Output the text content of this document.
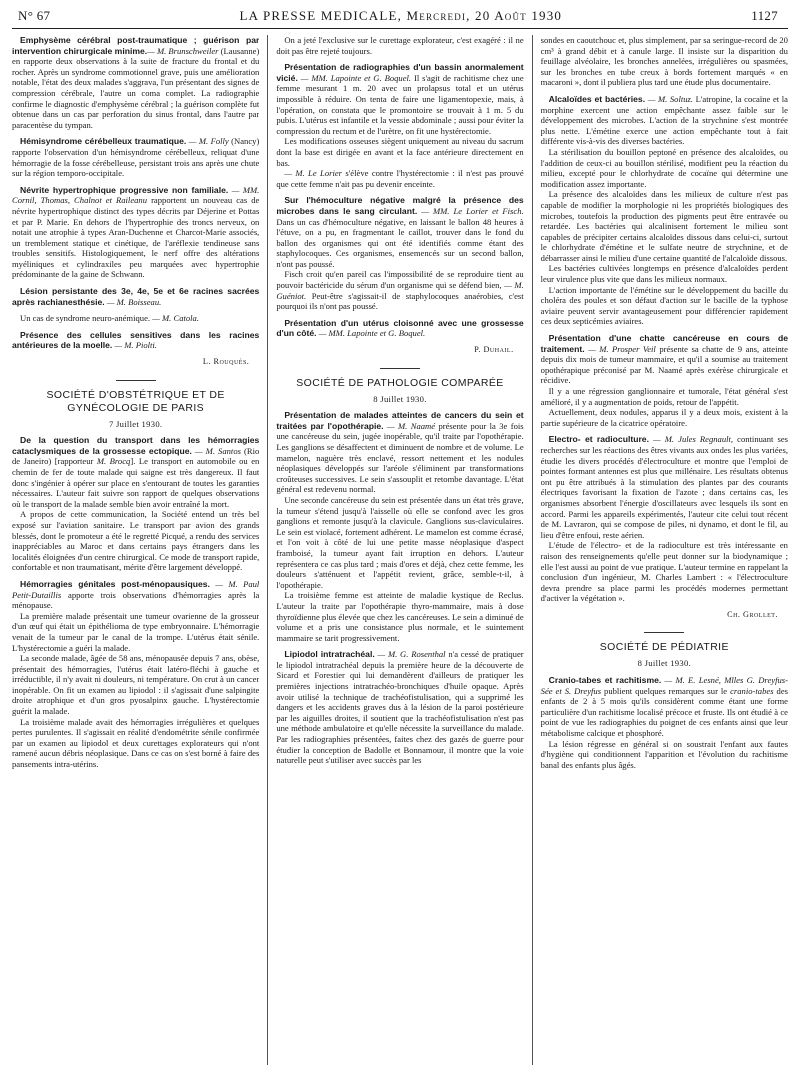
N° 67	LA PRESSE MEDICALE, Mercredi, 20 Août 1930	1127

Emphysème cérébral post-traumatique ; guérison par intervention chirurgicale minime.— M. Brunschweiler (Lausanne) en rapporte deux observations à la suite de fracture du frontal et du rocher. Après un syndrome commotionnel grave, puis une amélioration notable, l'état des deux malades s'aggrava, l'un présentant des signes de compression cérébrale, l'autre un coma complet. La radiographie confirme le diagnostic d'emphysème cérébral ; la guérison complète fut obtenue dans un cas par perforation du sinus frontal, dans l'autre par paracentèse du tympan.

Hémisyndrome cérébelleux traumatique. — M. Folly (Nancy) rapporte l'observation d'un hémisyndrome cérébelleux, reliquat d'une hémorragie de la fosse cérébelleuse, persistant trois ans après une chute sur la région temporo-occipitale.

Névrite hypertrophique progressive non familiale. — MM. Cornil, Thomas, Chalnot et Raileanu rapportent un nouveau cas de névrite hypertrophique distinct des types décrits par Déjerine et Pottas et par P. Marie. En dehors de l'hypertrophie des troncs nerveux, on notait une atrophie à types Aran-Duchenne et Charcot-Marie associés, un tremblement statique et cinétique, de l'aréflexie tendineuse sans troubles sensitifs. Histologiquement, le nerf offre des altérations myéliniques et cylindraxiles peu marquées avec hypertrophie prédominante de la gaine de Schwann.

Lésion persistante des 3e, 4e, 5e et 6e racines sacrées après rachianesthésie. — M. Boisseau.

Un cas de syndrome neuro-anémique. — M. Catola.

Présence des cellules sensitives dans les racines antérieures de la moelle. — M. Piolti.

L. Rouquès.
SOCIÉTÉ D'OBSTÉTRIQUE ET DE GYNÉCOLOGIE DE PARIS
7 Juillet 1930.

De la question du transport dans les hémorragies cataclysmiques de la grossesse ectopique. — M. Santos (Rio de Janeiro) [rapporteur M. Brocq]. Le transport en automobile ou en chemin de fer de toute malade qui saigne est très dangereux. Il faut donc s'ingénier à opérer sur place en s'entourant de toutes les garanties nécessaires. L'auteur fait suivre son rapport de quelques observations où le transport de la malade semble bien avoir entraîné la mort.

A propos de cette communication, la Société entend un très bel exposé sur l'aviation sanitaire. Le transport par avion des grands blessés, dont le promoteur a été le regretté Picqué, a rendu des services inappréciables au Maroc et dans certains pays étrangers dans les localités éloignées d'un centre chirurgical. Ce mode de transport rapide, confortable et non traumatisant, mérite d'être largement développé.

Hémorragies génitales post-ménopausiques. — M. Paul Petit-Dutaillis apporte trois observations d'hémorragies après la ménopause.

La première malade présentait une tumeur ovarienne de la grosseur d'un œuf qui était un épithélioma de type embryonnaire. L'hémorragie venait de la tumeur par le canal de la trompe. L'utérus était sénile. L'hystérectomie a guéri la malade.

La seconde malade, âgée de 58 ans, ménopausée depuis 7 ans, obèse, présentait des hémorragies, l'utérus était latéro-fléchi à gauche et irréductible, il n'y avait ni douleurs, ni température. On crut à un cancer inopérable. On fit un examen au lipiodol : il s'agissait d'une salpingite droite atrophique et d'un gros pyosalpinx gauche. L'hystérectomie guérit la malade.

La troisième malade avait des hémorragies irrégulières et quelques pertes purulentes. Il s'agissait en réalité d'endométrite sénile confirmée par un examen au lipiodol et deux curettages explorateurs qui n'ont ramené aucun débris néoplasique. Dans ce cas on s'est borné à faire des pansements intra-utérins.

On a jeté l'exclusive sur le curettage explorateur, c'est exagéré : il ne doit pas être rejeté toujours.

Présentation de radiographies d'un bassin anormalement vicié. — MM. Lapointe et G. Boquel. Il s'agit de rachitisme chez une femme mesurant 1 m. 20 avec un prolapsus total et un utérus impossible à réduire. On tenta de faire une ligamentopexie, mais, à l'opération, on constata que le promontoire se trouvait à 1 m. 5 du pubis. L'utérus est infantile et la vessie abdominale ; aussi pour éviter la compression du rectum et de l'urètre, on fit une hystérectomie.

Les modifications osseuses siègent uniquement au niveau du sacrum dont la base est dirigée en avant et la face antérieure directement en bas.

— M. Le Lorier s'élève contre l'hystérectomie : il n'est pas prouvé que cette femme n'ait pas pu devenir enceinte.

Sur l'hémoculture négative malgré la présence des microbes dans le sang circulant. — MM. Le Lorier et Fisch. Dans un cas d'hémoculture négative, en laissant le ballon 48 heures à l'étuve, on a pu, en fragmentant le caillot, trouver dans le fond du ballon des organismes qui ont été identifiés comme étant des staphylocoques. Ces organismes, ensemencés sur un second ballon, n'ont pas poussé.

Fisch croit qu'en pareil cas l'impossibilité de se reproduire tient au pouvoir bactéricide du sérum d'un organisme qui se défend bien, — M. Guéniot. Peut-être s'agissait-il de staphylocoques anaérobies, c'est pourquoi ils n'ont pas poussé.

Présentation d'un utérus cloisonné avec une grossesse d'un côté. — MM. Lapointe et G. Boquel.

P. Duhail.
SOCIÉTÉ DE PATHOLOGIE COMPARÉE
8 Juillet 1930.

Présentation de malades atteintes de cancers du sein et traitées par l'opothérapie. — M. Naamé présente pour la 3e fois une cancéreuse du sein, jugée inopérable, qu'il traite par l'opothérapie. Les ganglions se désaffectent et diminuent de nombre et de volume. Le mamelon, naguère très enclavé, ressort nettement et les nodules néoplasiques développés sur l'aréole s'éliminent par transformations croûteuses successives. Le sein s'assouplit et retombe davantage. L'état général est redevenu normal.

Une seconde cancéreuse du sein est présentée dans un état très grave, la tumeur s'étend jusqu'à l'aisselle où elle se confond avec les gros ganglions et remonte jusqu'à la clavicule. Ganglions sus-claviculaires. Le sein est violacé, fortement adhérent. Le mamelon est comme écrasé, et l'on voit à côté de lui une petite masse néoplasique d'aspect framboisé, la tumeur ayant fait irruption en dehors. L'auteur représentera ce cas plus tard ; mais d'ores et déjà, chez cette femme, les douleurs s'atténuent et l'appétit revient, grâce, semble-t-il, à l'opothérapie.

La troisième femme est atteinte de maladie kystique de Reclus. L'auteur la traite par l'opothérapie thyro-mammaire, mais à dose thyroïdienne plus élevée que chez les cancéreuses. Le sein a diminué de volume et a pris une consistance plus normale, et le suintement mammaire se tarit progressivement.

Lipiodol intratrachéal. — M. G. Rosenthal n'a cessé de pratiquer le lipiodol intratrachéal depuis la première heure de la découverte de Sicard et Forestier qui lui demandèrent d'ailleurs de pratiquer les premières injections intratrachéo-bronchiques d'huile opaque. Après avoir utilisé la technique de trachéofistulisation, qui a supprimé les dangers et les accidents graves dus à la lésion de la paroi postérieure par les aiguilles droites, il soutient que la trachéofistulisation n'est pas une méthode ambulatoire et qu'elle nécessite la surveillance du malade. Par les radiographies présentées, faites chez des gazés de guerre pour étudier la conception de Badolle et Bonnamour, il montre que la voie naturelle peut s'utiliser avec succès par les

sondes en caoutchouc et, plus simplement, par sa seringue-record de 20 cm³ à grand débit et à canule large. Il insiste sur la disparition du feuillage alvéolaire, les bronches annelées, irrégulières ou spasmées, sur les bronches en tube creux à bords fortement marqués « en macaroni », dont il publiera plus tard une étude plus documentaire.

Alcaloïdes et bactéries. — M. Soltuz. L'atropine, la cocaïne et la morphine exercent une action empêchante assez faible sur le développement des microbes. L'action de la strychnine s'est montrée plus nette. L'émétine exerce une action empêchante tout à fait différente vis-à-vis des diverses bactéries.

La stérilisation du bouillon peptoné en présence des alcaloïdes, ou l'addition de ceux-ci au bouillon stérilisé, modifient peu la réaction du milieu, excepté pour le chlorhydrate de cocaïne qui détermine une modification assez importante.

La présence des alcaloïdes dans les milieux de culture n'est pas capable de modifier la morphologie ni les propriétés biologiques des microbes, toutefois la production des pigments peut être entravée ou retardée. Les bactéries qui alcalinisent fortement le milieu sont capables de précipiter certains alcaloïdes dissous dans celui-ci, surtout le chlorhydrate d'émétine et le sulfate neutre de strychnine, et de débarrasser ainsi le milieu d'une certaine quantité de l'alcaloïde dissous.

Les bactéries cultivées longtemps en présence d'alcaloïdes perdent leur virulence plus vite que dans les milieux normaux.

L'action importante de l'émétine sur le développement du bacille du choléra des poules et son défaut d'action sur le bacille de la typhose aviaire peuvent servir avantageusement pour différencier rapidement ces deux septicémies aviaires.

Présentation d'une chatte cancéreuse en cours de traitement. — M. Prosper Veil présente sa chatte de 9 ans, atteinte depuis dix mois de tumeur mammaire, et qu'il a soumise au traitement opothérapique préconisé par M. Naamé après exérèse chirurgicale et récidive.

Il y a une régression ganglionnaire et tumorale, l'état général s'est amélioré, il y a augmentation de poids, retour de l'appétit.

Actuellement, deux nodules, apparus il y a deux mois, existent à la partie supérieure de la cicatrice opératoire.

Electro- et radioculture. — M. Jules Regnault, continuant ses recherches sur les réactions des êtres vivants aux ondes les plus variées, étudie les divers procédés d'électroculture et montre que l'emploi de pointes formant antennes est plus que millénaire. Les résultats obtenus ont pu être attribués à la stimulation des plantes par des courants électriques favorisant la fixation de l'azote ; dans certains cas, les organismes absorbent l'énergie d'oscillateurs avec lesquels ils sont en accord. Parmi les appareils expérimentés, l'auteur cite celui tout récent de M. Lavraron, qui se compose de piles, ni dynamo, et dont le fil, au lieu d'être enfoui, reste aérien.

L'étude de l'électro- et de la radioculture est très intéressante en raison des renseignements qu'elle peut donner sur la biodynamique ; elle l'est aussi au point de vue pratique. L'auteur termine en rappelant la conclusion d'un ingénieur, M. Charles Lambert : « l'électroculture devra prendre sa place parmi les procédés modernes permettant d'activer la végétation ».

Ch. Grollet.
SOCIÉTÉ DE PÉDIATRIE
8 Juillet 1930.

Cranio-tabes et rachitisme. — M. E. Lesné, Mlles G. Dreyfus-Sée et S. Dreyfus publient quelques remarques sur le cranio-tabes des enfants de 2 à 5 mois qu'ils considèrent comme étant une forme particulière d'un rachitisme localisé précoce et fruste. Ils ont étudié à ce point de vue les radiographies du poignet de ces enfants ainsi que leur métabolisme calcique et phosphoré.

La lésion régresse en général si on soustrait l'enfant aux fautes d'hygiène qui conditionnent l'apparition et l'évolution du rachitisme banal des enfants plus âgés.
